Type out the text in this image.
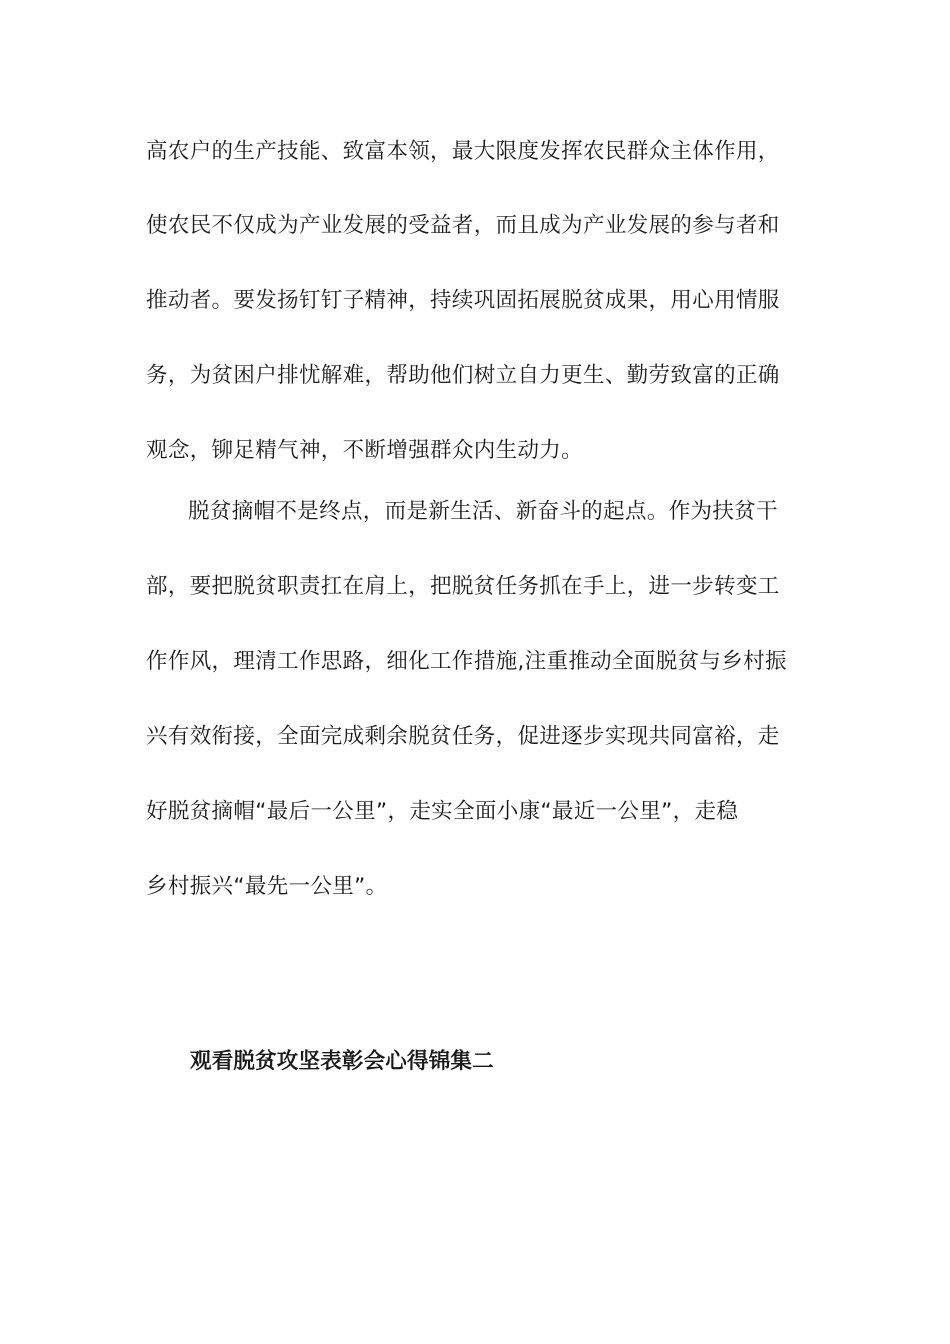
高农户的生产技能、致富本领，最大限度发挥农民群众主体作用，
使农民不仅成为产业发展的受益者，而且成为产业发展的参与者和
推动者。要发扬钉钉子精神，持续巩固拓展脱贫成果，用心用情服
务，为贫困户排忧解难，帮助他们树立自力更生、勤劳致富的正确
观念，铆足精气神，不断增强群众内生动力。
脱贫摘帽不是终点，而是新生活、新奋斗的起点。作为扶贫干
部，要把脱贫职责扛在肩上，把脱贫任务抓在手上，进一步转变工
作作风，理清工作思路，细化工作措施,注重推动全面脱贫与乡村振
兴有效衔接，全面完成剩余脱贫任务，促进逐步实现共同富裕，走
好脱贫摘帽“最后一公里”，走实全面小康“最近一公里”，走稳
乡村振兴“最先一公里”。
观看脱贫攻坚表彰会心得锦集二
